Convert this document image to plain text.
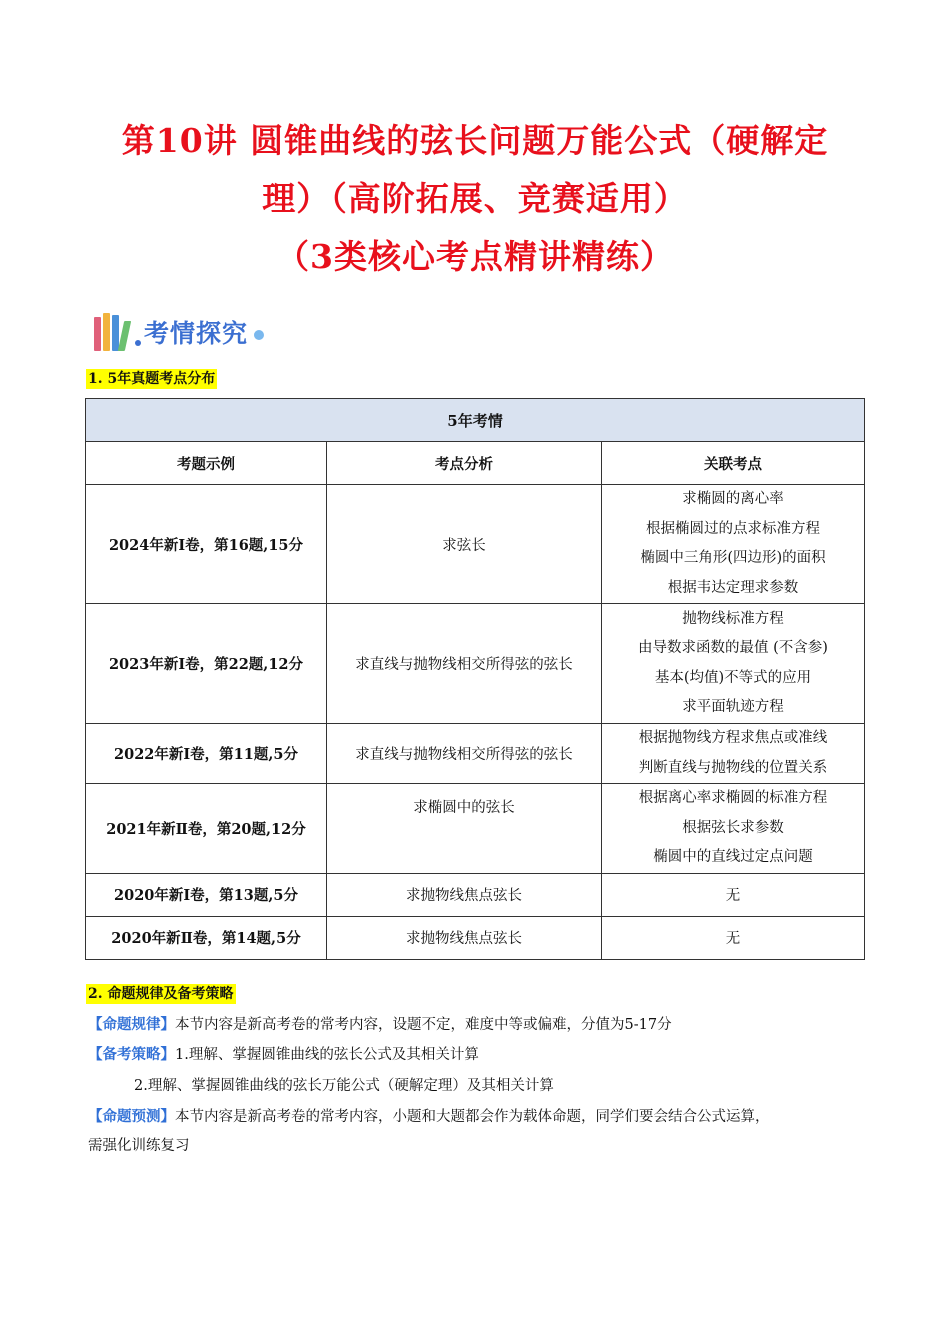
第10讲 圆锥曲线的弦长问题万能公式（硬解定
理）（高阶拓展、竞赛适用）
（3类核心考点精讲精练）
考情探究
1. 5年真题考点分布
5年考情		
考题示例	考点分析	关联考点
2024年新I卷，第16题,15分	求弦长	求椭圆的离心率
根据椭圆过的点求标准方程
椭圆中三角形(四边形)的面积
根据韦达定理求参数

2023年新I卷，第22题,12分	求直线与抛物线相交所得弦的弦长	抛物线标准方程
由导数求函数的最值 (不含参)
基本(均值)不等式的应用
求平面轨迹方程

2022年新I卷，第11题,5分	求直线与抛物线相交所得弦的弦长	根据抛物线方程求焦点或准线
判断直线与抛物线的位置关系

2021年新Ⅱ卷，第20题,12分	求椭圆中的弦长	根据离心率求椭圆的标准方程
根据弦长求参数
椭圆中的直线过定点问题

2020年新I卷，第13题,5分	求抛物线焦点弦长	无
2020年新Ⅱ卷，第14题,5分	求抛物线焦点弦长	无
2. 命题规律及备考策略
【命题规律】本节内容是新高考卷的常考内容，设题不定，难度中等或偏难，分值为5-17分
【备考策略】1.理解、掌握圆锥曲线的弦长公式及其相关计算
2.理解、掌握圆锥曲线的弦长万能公式（硬解定理）及其相关计算
【命题预测】本节内容是新高考卷的常考内容，小题和大题都会作为载体命题，同学们要会结合公式运算，
需强化训练复习
